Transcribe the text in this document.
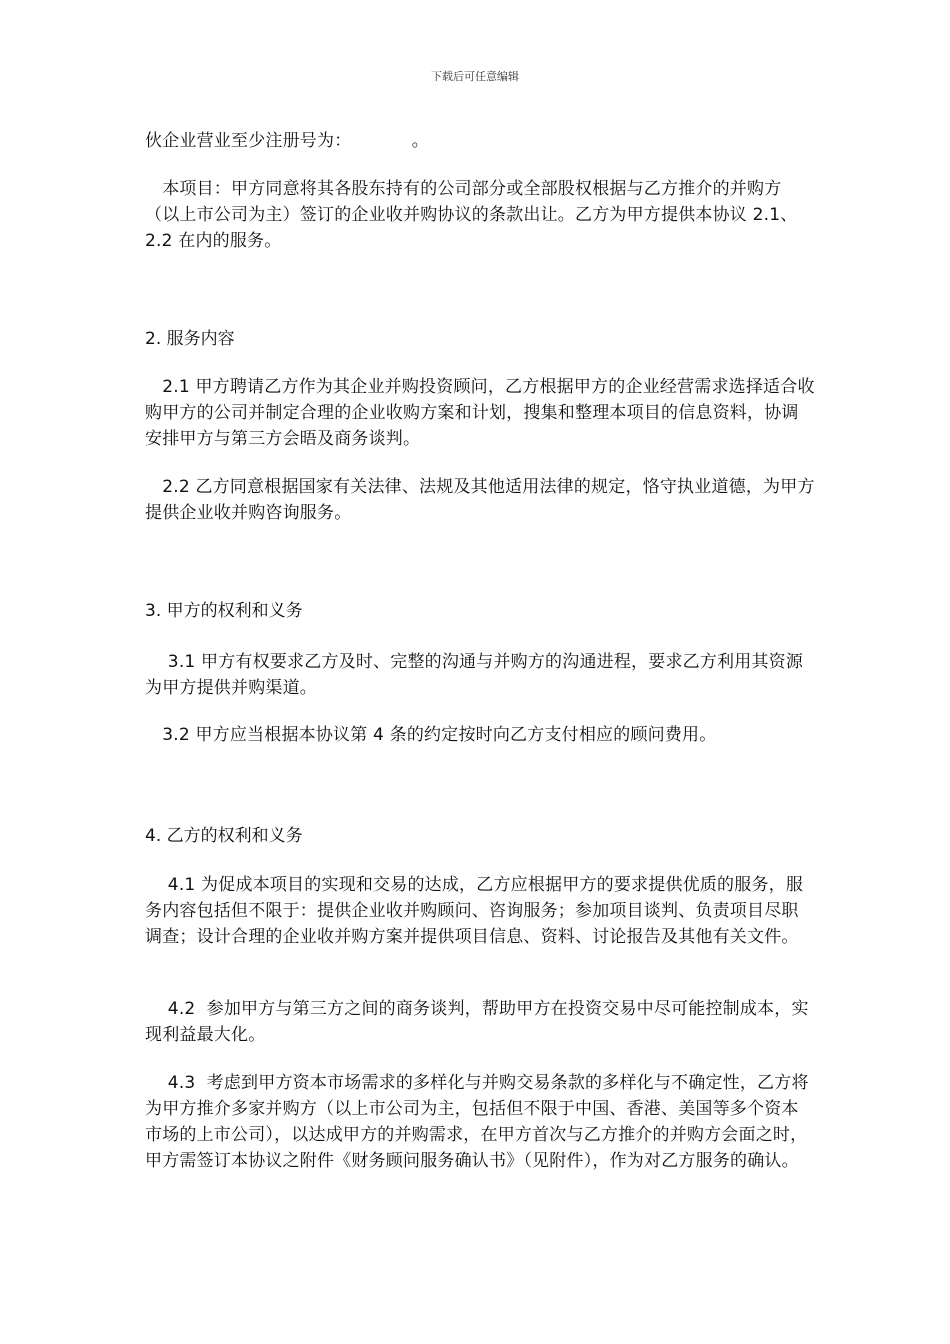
下载后可任意编辑

伙企业营业至少注册号为：　　　　。

　本项目：甲方同意将其各股东持有的公司部分或全部股权根据与乙方推介的并购方（以上市公司为主）签订的企业收并购协议的条款出让。乙方为甲方提供本协议 2.1、2.2 在内的服务。

2. 服务内容

　2.1 甲方聘请乙方作为其企业并购投资顾问，乙方根据甲方的企业经营需求选择适合收购甲方的公司并制定合理的企业收购方案和计划，搜集和整理本项目的信息资料，协调安排甲方与第三方会晤及商务谈判。

　2.2 乙方同意根据国家有关法律、法规及其他适用法律的规定，恪守执业道德，为甲方提供企业收并购咨询服务。

3. 甲方的权利和义务

　 3.1 甲方有权要求乙方及时、完整的沟通与并购方的沟通进程，要求乙方利用其资源为甲方提供并购渠道。

　3.2 甲方应当根据本协议第 4 条的约定按时向乙方支付相应的顾问费用。

4. 乙方的权利和义务

　 4.1 为促成本项目的实现和交易的达成，乙方应根据甲方的要求提供优质的服务，服务内容包括但不限于：提供企业收并购顾问、咨询服务；参加项目谈判、负责项目尽职调查；设计合理的企业收并购方案并提供项目信息、资料、讨论报告及其他有关文件。

　 4.2  参加甲方与第三方之间的商务谈判，帮助甲方在投资交易中尽可能控制成本，实现利益最大化。

　 4.3  考虑到甲方资本市场需求的多样化与并购交易条款的多样化与不确定性，乙方将为甲方推介多家并购方（以上市公司为主，包括但不限于中国、香港、美国等多个资本市场的上市公司），以达成甲方的并购需求，在甲方首次与乙方推介的并购方会面之时，甲方需签订本协议之附件《财务顾问服务确认书》（见附件），作为对乙方服务的确认。
